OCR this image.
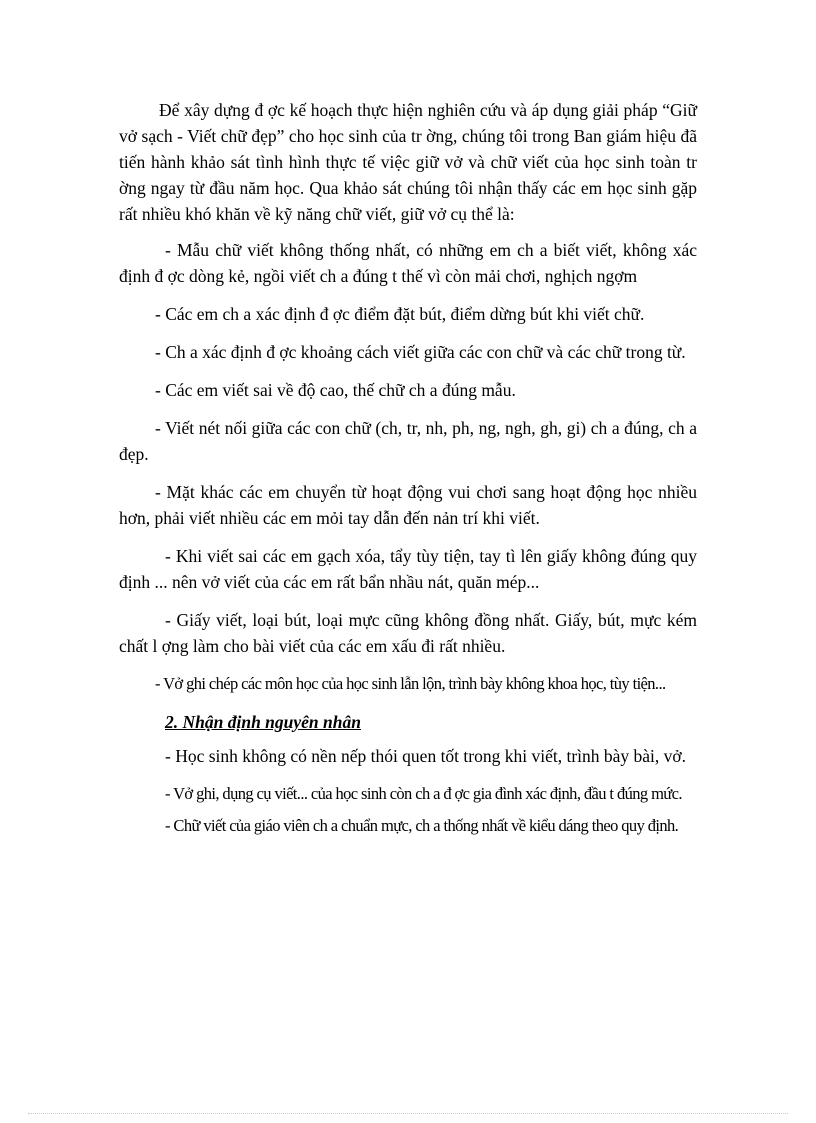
Để xây dựng đ ợc kế hoạch thực hiện nghiên cứu và áp dụng giải pháp “Giữ vở sạch - Viết chữ đẹp” cho học sinh của tr ờng, chúng tôi trong Ban giám hiệu đã tiến hành khảo sát tình hình thực tế việc giữ vở và chữ viết của học sinh toàn tr ờng ngay từ đầu năm học. Qua khảo sát chúng tôi nhận thấy các em học sinh gặp rất nhiều khó khăn về kỹ năng chữ viết, giữ vở cụ thể là:

- Mẫu chữ viết không thống nhất, có những em ch a biết viết, không xác định đ ợc dòng kẻ, ngồi viết ch a đúng t thế vì còn mải chơi, nghịch ngợm

- Các em ch a xác định đ ợc điểm đặt bút, điểm dừng bút khi viết chữ.

- Ch a xác định đ ợc khoảng cách viết giữa các con chữ và các chữ trong từ.

- Các em viết sai về độ cao, thế chữ ch a đúng mẫu.

- Viết nét nối giữa các con chữ (ch, tr, nh, ph, ng, ngh, gh, gi) ch a đúng, ch a đẹp.

- Mặt khác các em chuyển từ hoạt động vui chơi sang hoạt động học nhiều hơn, phải viết nhiều các em mỏi tay dẫn đến nản trí khi viết.

- Khi viết sai các em gạch xóa, tẩy tùy tiện, tay tì lên giấy không đúng quy định ... nên vở viết của các em rất bẩn nhầu nát, quăn mép...

- Giấy viết, loại bút, loại mực cũng không đồng nhất. Giấy, bút, mực kém chất l ợng làm cho bài viết của các em xấu đi rất nhiều.

- Vở ghi chép các môn học của học sinh lẫn lộn, trình bày không khoa học, tùy tiện...

2. Nhận định nguyên nhân

- Học sinh không có nền nếp thói quen tốt trong khi viết, trình bày bài, vở.

- Vở ghi, dụng cụ viết... của học sinh còn ch a đ ợc gia đình xác định, đầu t đúng mức.

- Chữ viết của giáo viên ch a chuẩn mực, ch a thống nhất về kiểu dáng theo quy định.
